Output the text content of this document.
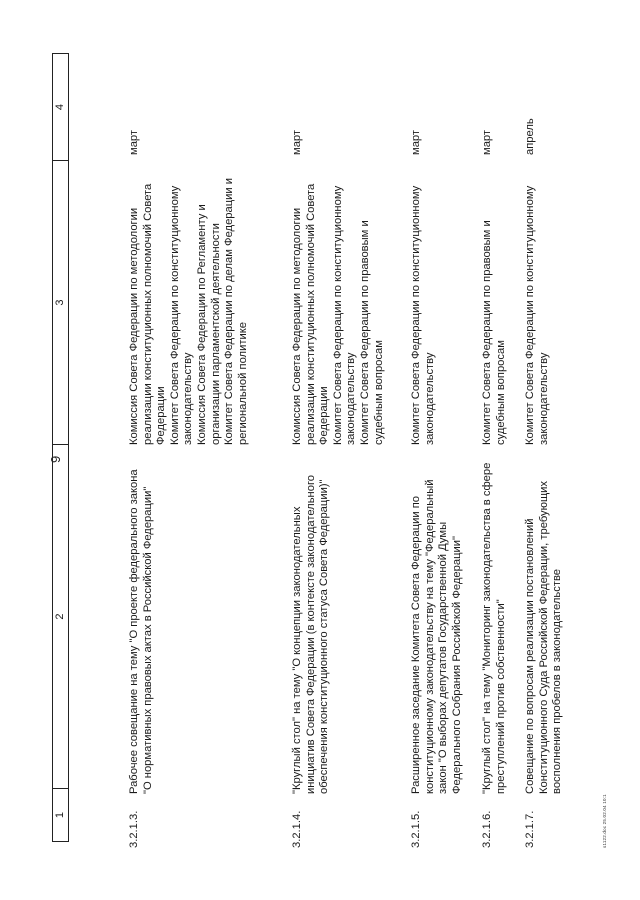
9
1
2
3
4
3.2.1.3.
Рабочее совещание на тему "О проекте федерального закона "О нормативных правовых актах в Российской Федерации"
Комиссия Совета Федерации по методологии реализации конституционных полномочий Совета Федерации Комитет Совета Федерации по конституционному законодательству Комиссия Совета Федерации по Регламенту и организации парламентской деятельности Комитет Совета Федерации по делам Федерации и региональной политике
март
3.2.1.4.
"Круглый стол" на тему "О концепции законодательных инициатив Совета Федерации (в контексте законодательного обеспечения конституционного статуса Совета Федерации)"
Комиссия Совета Федерации по методологии реализации конституционных полномочий Совета Федерации Комитет Совета Федерации по конституционному законодательству Комитет Совета Федерации по правовым и судебным вопросам
март
3.2.1.5.
Расширенное заседание Комитета Совета Федерации по конституционному законодательству на тему "Федеральный закон "О выборах депутатов Государственной Думы Федерального Собрания Российской Федерации"
Комитет Совета Федерации по конституционному законодательству
март
3.2.1.6.
"Круглый стол" на тему "Мониторинг законодательства в сфере преступлений против собственности"
Комитет Совета Федерации по правовым и судебным вопросам
март
3.2.1.7.
Совещание по вопросам реализации постановлений Конституционного Суда Российской Федерации, требующих восполнения пробелов в законодательстве
Комитет Совета Федерации по конституционному законодательству
апрель
s1122.doc 25.02.04 10:1
